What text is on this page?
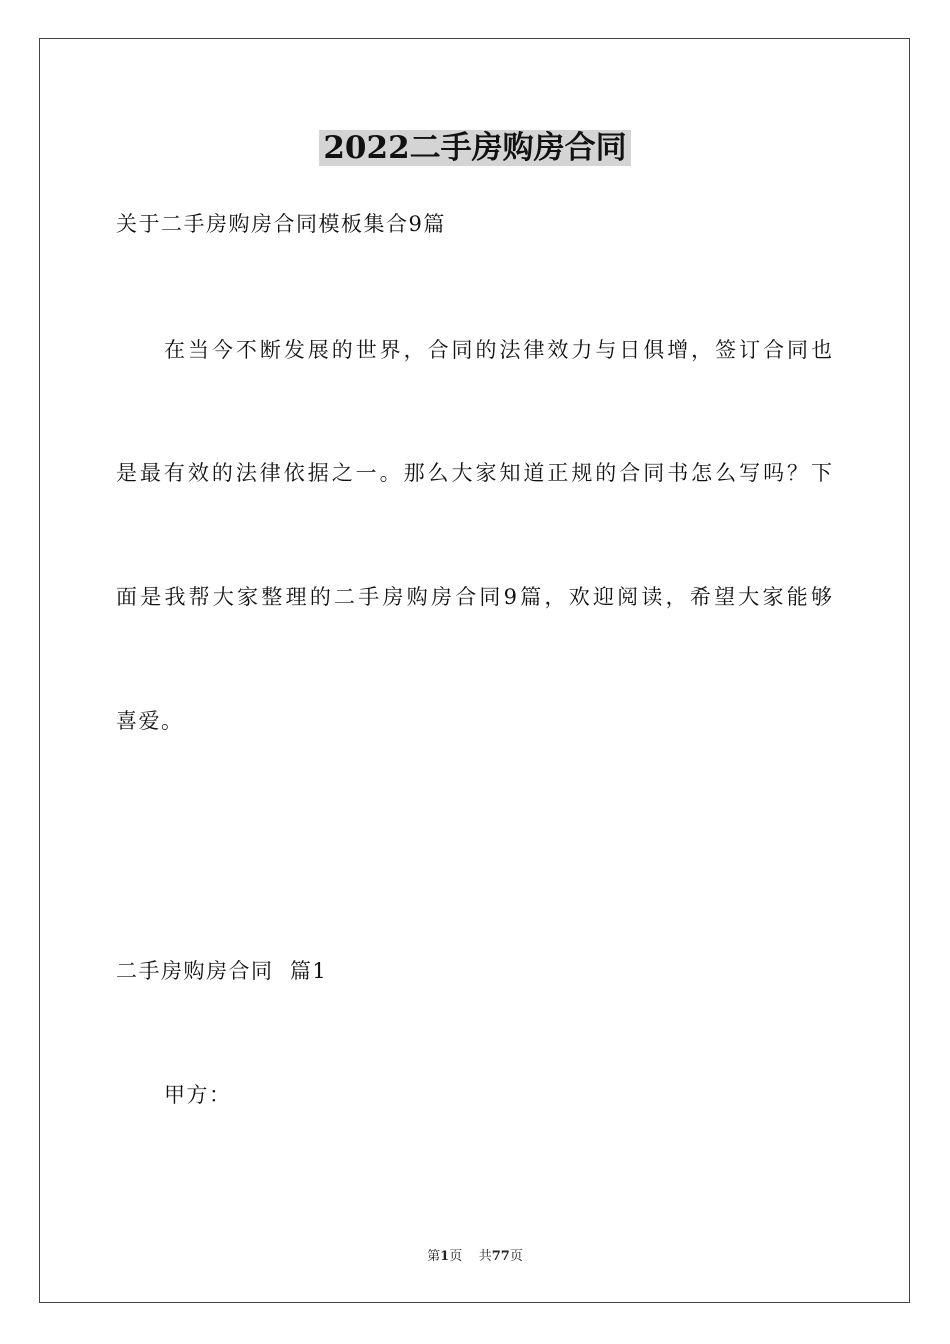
2022二手房购房合同
关于二手房购房合同模板集合9篇
在当今不断发展的世界，合同的法律效力与日俱增，签订合同也
是最有效的法律依据之一。那么大家知道正规的合同书怎么写吗？下
面是我帮大家整理的二手房购房合同9篇，欢迎阅读，希望大家能够
喜爱。
二手房购房合同  篇1
甲方：
第1页 共77页
